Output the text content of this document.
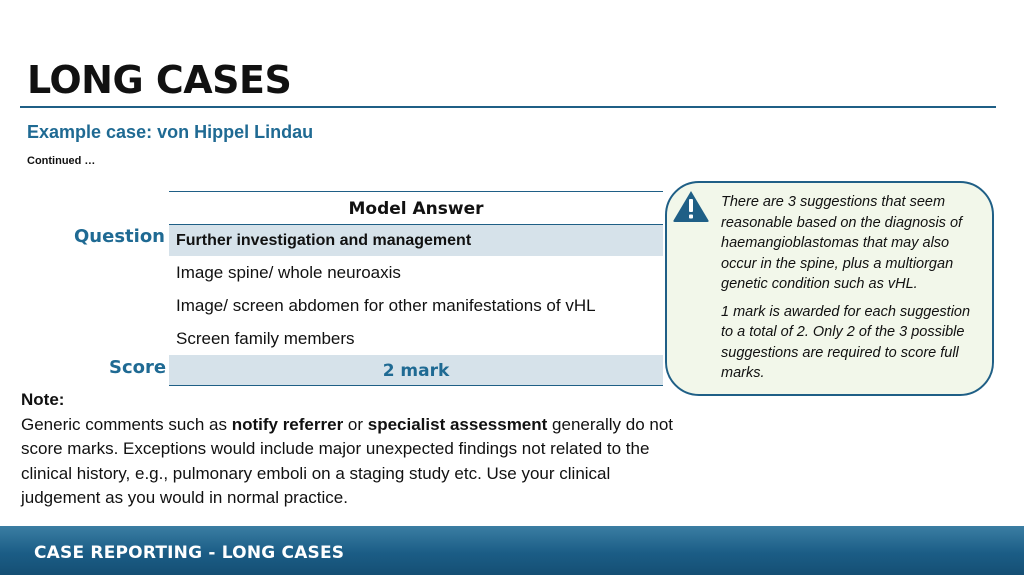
LONG CASES
Example case: von Hippel Lindau
Continued …
Question
Score
Model Answer
Further investigation and management
Image spine/ whole neuroaxis
Image/ screen abdomen for other manifestations of vHL
Screen family members
2 mark

There are 3 suggestions that seem reasonable based on the diagnosis of haemangioblastomas that may also occur in the spine, plus a multiorgan genetic condition such as vHL.

1 mark is awarded for each suggestion to a total of 2. Only 2 of the 3 possible suggestions are required to score full marks.

Note:
Generic comments such as notify referrer or specialist assessment generally do not score marks. Exceptions would include major unexpected findings not related to the clinical history, e.g., pulmonary emboli on a staging study etc. Use your clinical judgement as you would in normal practice.
CASE REPORTING - LONG CASES
